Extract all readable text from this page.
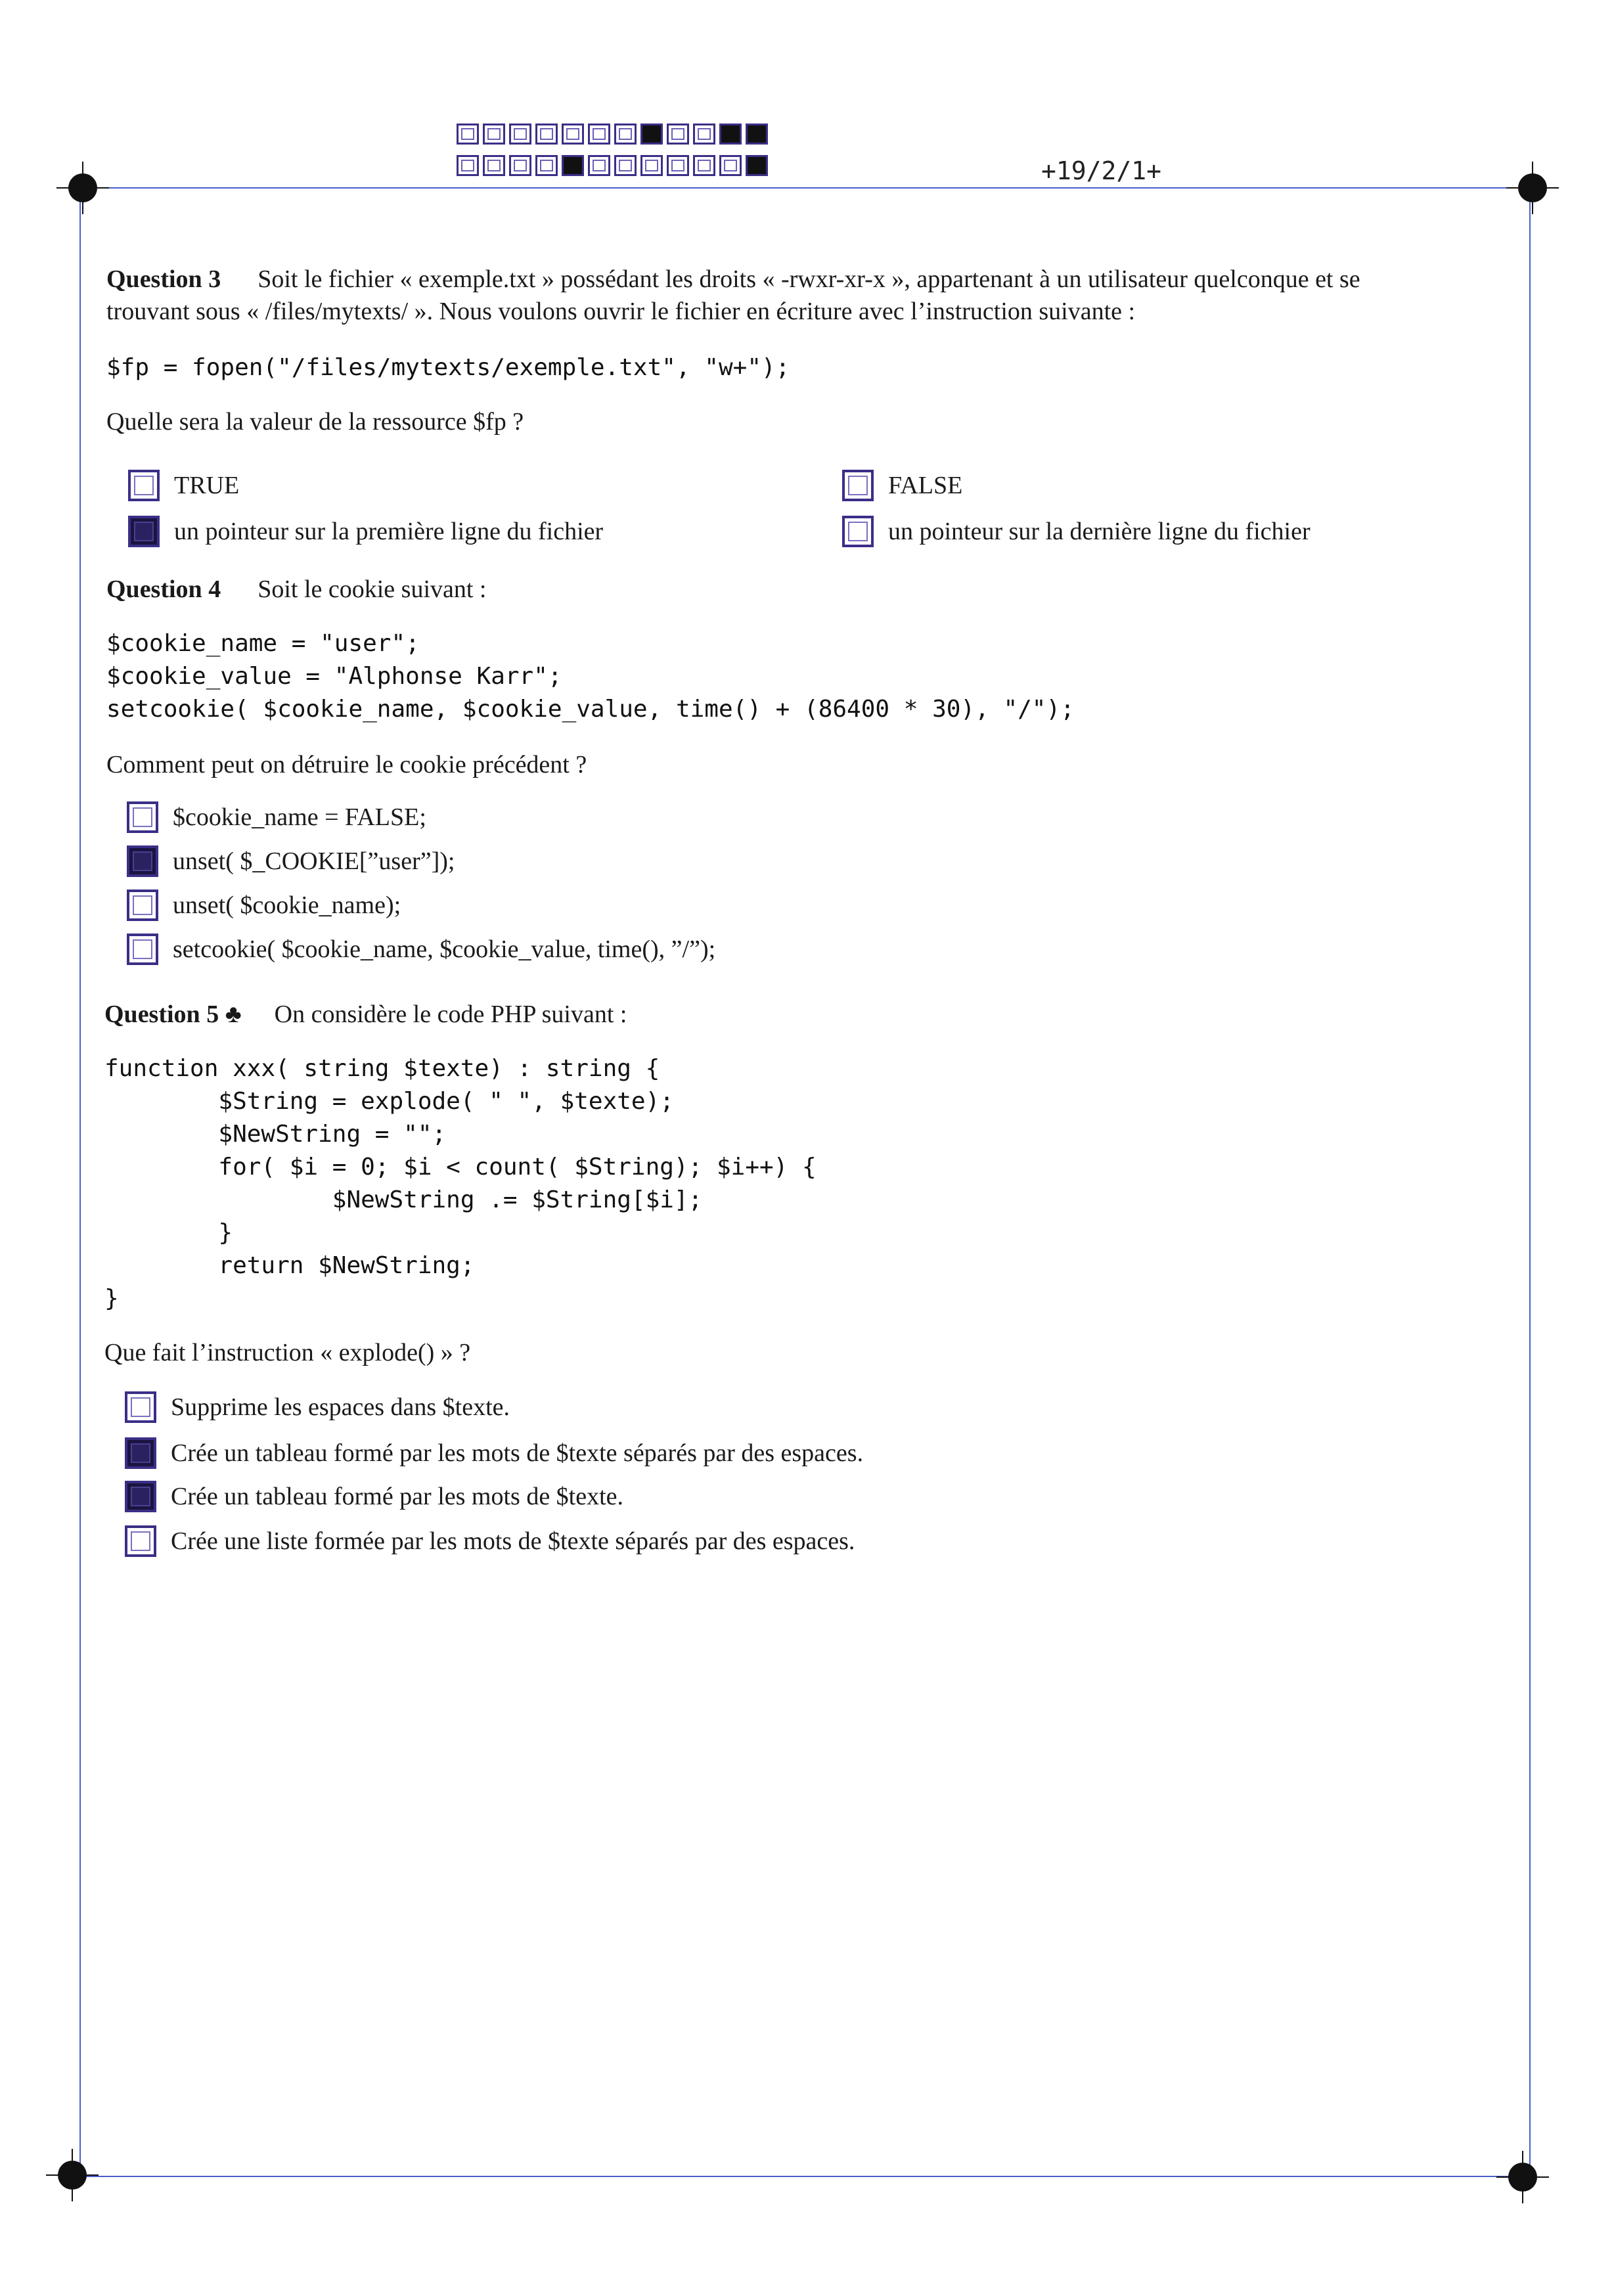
+19/2/1+
Question 3 Soit le fichier « exemple.txt » possédant les droits « -rwxr-xr-x », appartenant à un utilisateur quelconque et se
trouvant sous « /files/mytexts/ ». Nous voulons ouvrir le fichier en écriture avec l’instruction suivante :
$fp = fopen("/files/mytexts/exemple.txt", "w+");
Quelle sera la valeur de la ressource $fp ?
TRUE	FALSE
un pointeur sur la première ligne du fichier	un pointeur sur la dernière ligne du fichier
Question 4 Soit le cookie suivant :
$cookie_name = "user";
$cookie_value = "Alphonse Karr";
setcookie( $cookie_name, $cookie_value, time() + (86400 * 30), "/");
Comment peut on détruire le cookie précédent ?
$cookie_name = FALSE;
unset( $_COOKIE[”user”]);
unset( $cookie_name);
setcookie( $cookie_name, $cookie_value, time(), ”/”);
Question 5 ♣ On considère le code PHP suivant :
function xxx( string $texte) : string {
$String = explode( " ", $texte);
$NewString = "";
for( $i = 0; $i < count( $String); $i++) {
$NewString .= $String[$i];
}
return $NewString;
}
Que fait l’instruction « explode() » ?
Supprime les espaces dans $texte.
Crée un tableau formé par les mots de $texte séparés par des espaces.
Crée un tableau formé par les mots de $texte.
Crée une liste formée par les mots de $texte séparés par des espaces.
